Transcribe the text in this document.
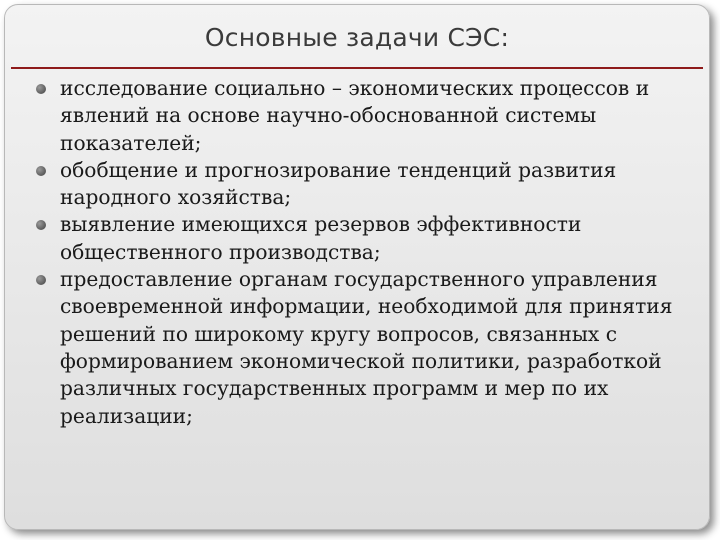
Основные задачи СЭС:
исследование социально – экономических процессов и явлений на основе научно-обоснованной системы показателей;
обобщение и прогнозирование тенденций развития народного хозяйства;
выявление имеющихся резервов эффективности общественного производства;
предоставление органам государственного управления своевременной информации, необходимой для принятия решений по широкому кругу вопросов, связанных с формированием экономической политики, разработкой различных государственных программ и мер по их реализации;
